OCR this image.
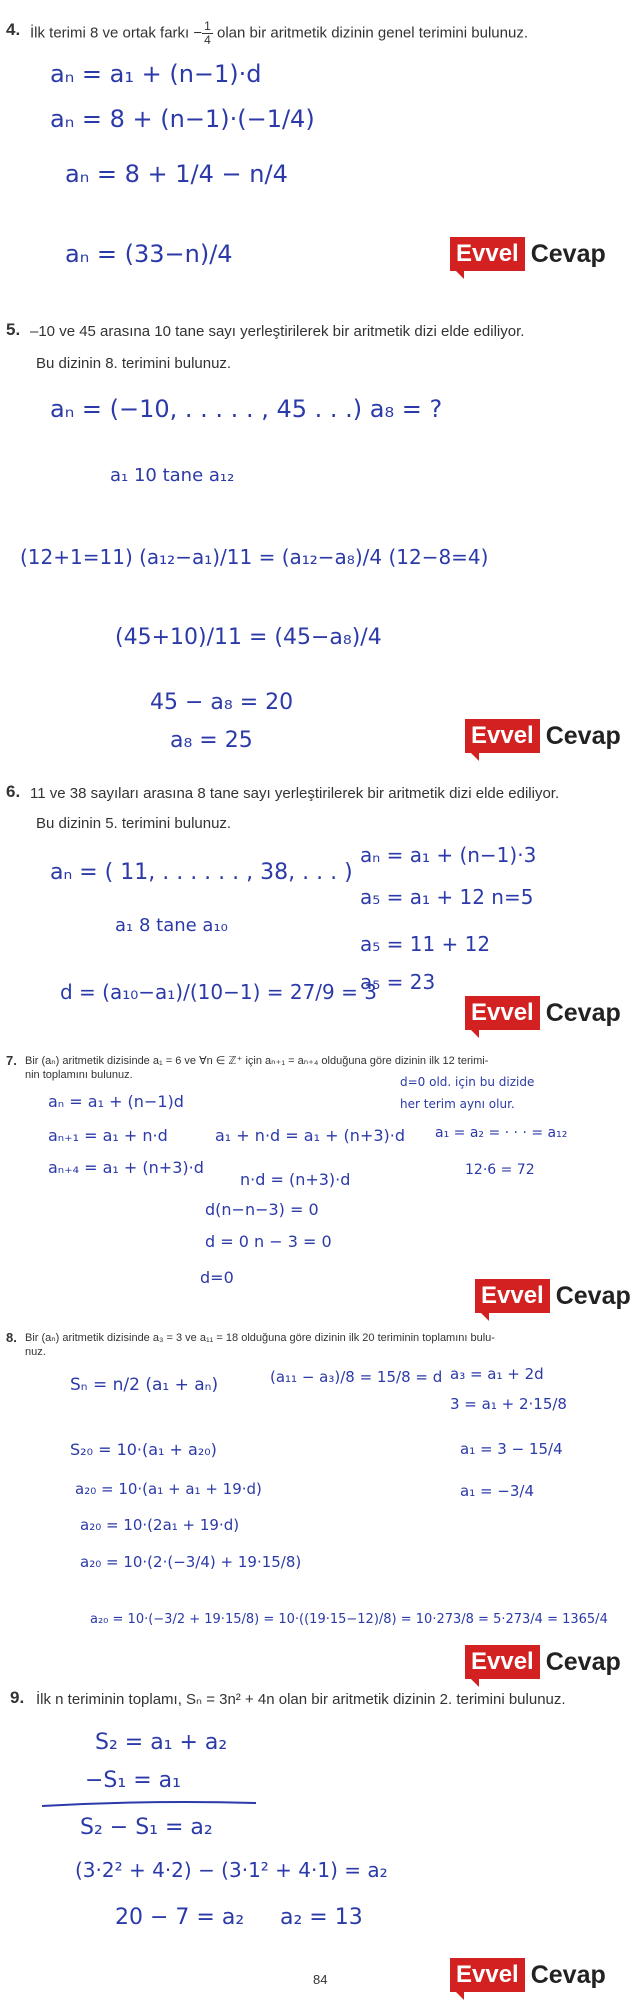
4. İlk terimi 8 ve ortak farkı − $\frac{1}{4}$ olan bir aritmetik dizinin genel terimini bulunuz.
aₙ = a₁ + (n−1)·d
aₙ = 8 + (n−1)·(−1/4)
aₙ = 8 + 1/4 − n/4
aₙ = (33−n)/4	Evvel Cevap
5. –10 ve 45 arasına 10 tane sayı yerleştirilerek bir aritmetik dizi elde ediliyor.
Bu dizinin 8. terimini bulunuz.
aₙ = (−10, . . . . . , 45 . . .) a₈ = ?
a₁ 10 tane a₁₂
(12+1=11) (a₁₂−a₁)/11 = (a₁₂−a₈)/4 (12−8=4)
(45+10)/11 = (45−a₈)/4
45 − a₈ = 20
a₈ = 25	Evvel Cevap
6. 11 ve 38 sayıları arasına 8 tane sayı yerleştirilerek bir aritmetik dizi elde ediliyor.
Bu dizinin 5. terimini bulunuz.
aₙ = ( 11, . . . . . . , 38, . . . )
a₁ 8 tane a₁₀
d = (a₁₀−a₁)/(10−1) = 27/9 = 3
aₙ = a₁ + (n−1)·3
a₅ = a₁ + 12 n=5
a₅ = 11 + 12
a₅ = 23
Evvel Cevap
7. Bir (aₙ) aritmetik dizisinde a₁ = 6 ve ∀n ∈ ℤ⁺ için aₙ₊₁ = aₙ₊₄ olduğuna göre dizinin ilk 12 terimi-
nin toplamını bulunuz.
aₙ = a₁ + (n−1)d
aₙ₊₁ = a₁ + n·d
aₙ₊₄ = a₁ + (n+3)·d
a₁ + n·d = a₁ + (n+3)·d
n·d = (n+3)·d
d(n−n−3) = 0
d = 0 n − 3 = 0
d=0
d=0 old. için bu dizide
her terim aynı olur.
a₁ = a₂ = · · · = a₁₂
12·6 = 72
Evvel Cevap
8. Bir (aₙ) aritmetik dizisinde a₃ = 3 ve a₁₁ = 18 olduğuna göre dizinin ilk 20 teriminin toplamını bulu-
nuz.
Sₙ = n/2 (a₁ + aₙ)	(a₁₁ − a₃)/8 = 15/8 = d a₃ = a₁ + 2d
3 = a₁ + 2·15/8
a₁ = 3 − 15/4
a₁ = −3/4
S₂₀ = 10·(a₁ + a₂₀)
a₂₀ = 10·(a₁ + a₁ + 19·d)
a₂₀ = 10·(2a₁ + 19·d)
a₂₀ = 10·(2·(−3/4) + 19·15/8)
a₂₀ = 10·(−3/2 + 19·15/8) = 10·((19·15−12)/8) = 10·273/8 = 5·273/4 = 1365/4
Evvel Cevap
9. İlk n teriminin toplamı, Sₙ = 3n² + 4n olan bir aritmetik dizinin 2. terimini bulunuz.
S₂ = a₁ + a₂
−S₁ = a₁
S₂ − S₁ = a₂
(3·2² + 4·2) − (3·1² + 4·1) = a₂
20 − 7 = a₂ a₂ = 13
84	Evvel Cevap
